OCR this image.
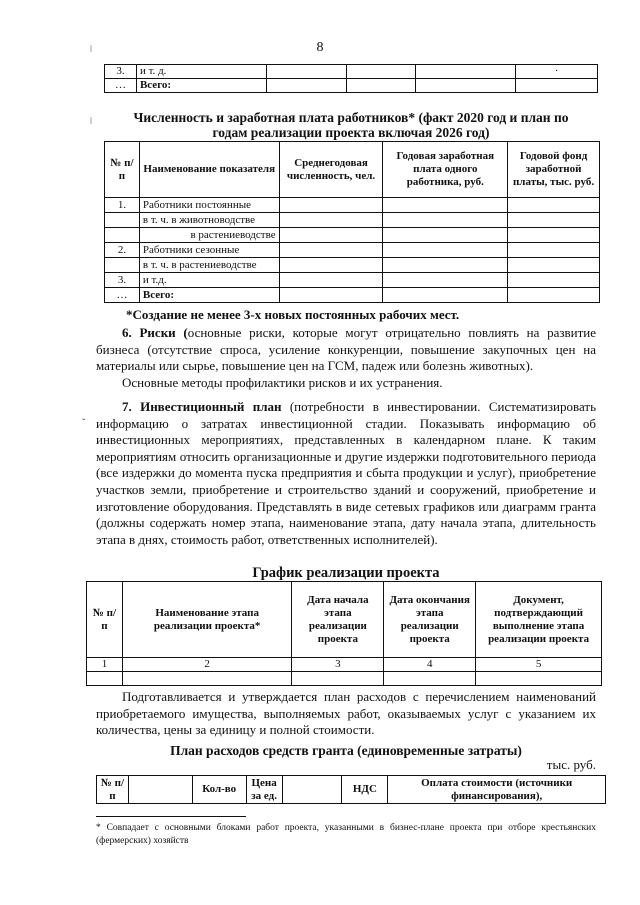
8
ǀ
ǀ
ˇ
3.	и т. д.				·
…	Всего:				
Численность и заработная плата работников* (факт 2020 год и план по
годам реализации проекта включая 2026 год)
№ п/п	Наименование показателя	Среднегодовая численность, чел.	Годовая заработная плата одного работника, руб.	Годовой фонд заработной платы, тыс. руб.
1.	Работники постоянные			
	в т. ч. в животноводстве			
	в растениеводстве			
2.	Работники сезонные			
	в т. ч. в растениеводстве			
3.	и т.д.			
…	Всего:			
*Создание не менее 3-х новых постоянных рабочих мест.
6. Риски (основные риски, которые могут отрицательно повлиять на развитие бизнеса (отсутствие спроса, усиление конкуренции, повышение закупочных цен на материалы или сырье, повышение цен на ГСМ, падеж или болезнь животных).
Основные методы профилактики рисков и их устранения.
7. Инвестиционный план (потребности в инвестировании. Систематизировать информацию о затратах инвестиционной стадии. Показывать информацию об инвестиционных мероприятиях, представленных в календарном плане. К таким мероприятиям относить организационные и другие издержки подготовительного периода (все издержки до момента пуска предприятия и сбыта продукции и услуг), приобретение участков земли, приобретение и строительство зданий и сооружений, приобретение и изготовление оборудования. Представлять в виде сетевых графиков или диаграмм гранта (должны содержать номер этапа, наименование этапа, дату начала этапа, длительность этапа в днях, стоимость работ, ответственных исполнителей).
График реализации проекта
№ п/п	Наименование этапа реализации проекта*	Дата начала этапа реализации проекта	Дата окончания этапа реализации проекта	Документ, подтверждающий выполнение этапа реализации проекта
1	2	3	4	5

Подготавливается и утверждается план расходов с перечислением наименований приобретаемого имущества, выполняемых работ, оказываемых услуг с указанием их количества, цены за единицу и полной стоимости.
План расходов средств гранта (единовременные затраты)
тыс. руб.
№ п/п		Кол-во	Цена за ед.		НДС	Оплата стоимости (источники финансирования),
* Совпадает с основными блоками работ проекта, указанными в бизнес-плане проекта при отборе крестьянских (фермерских) хозяйств
